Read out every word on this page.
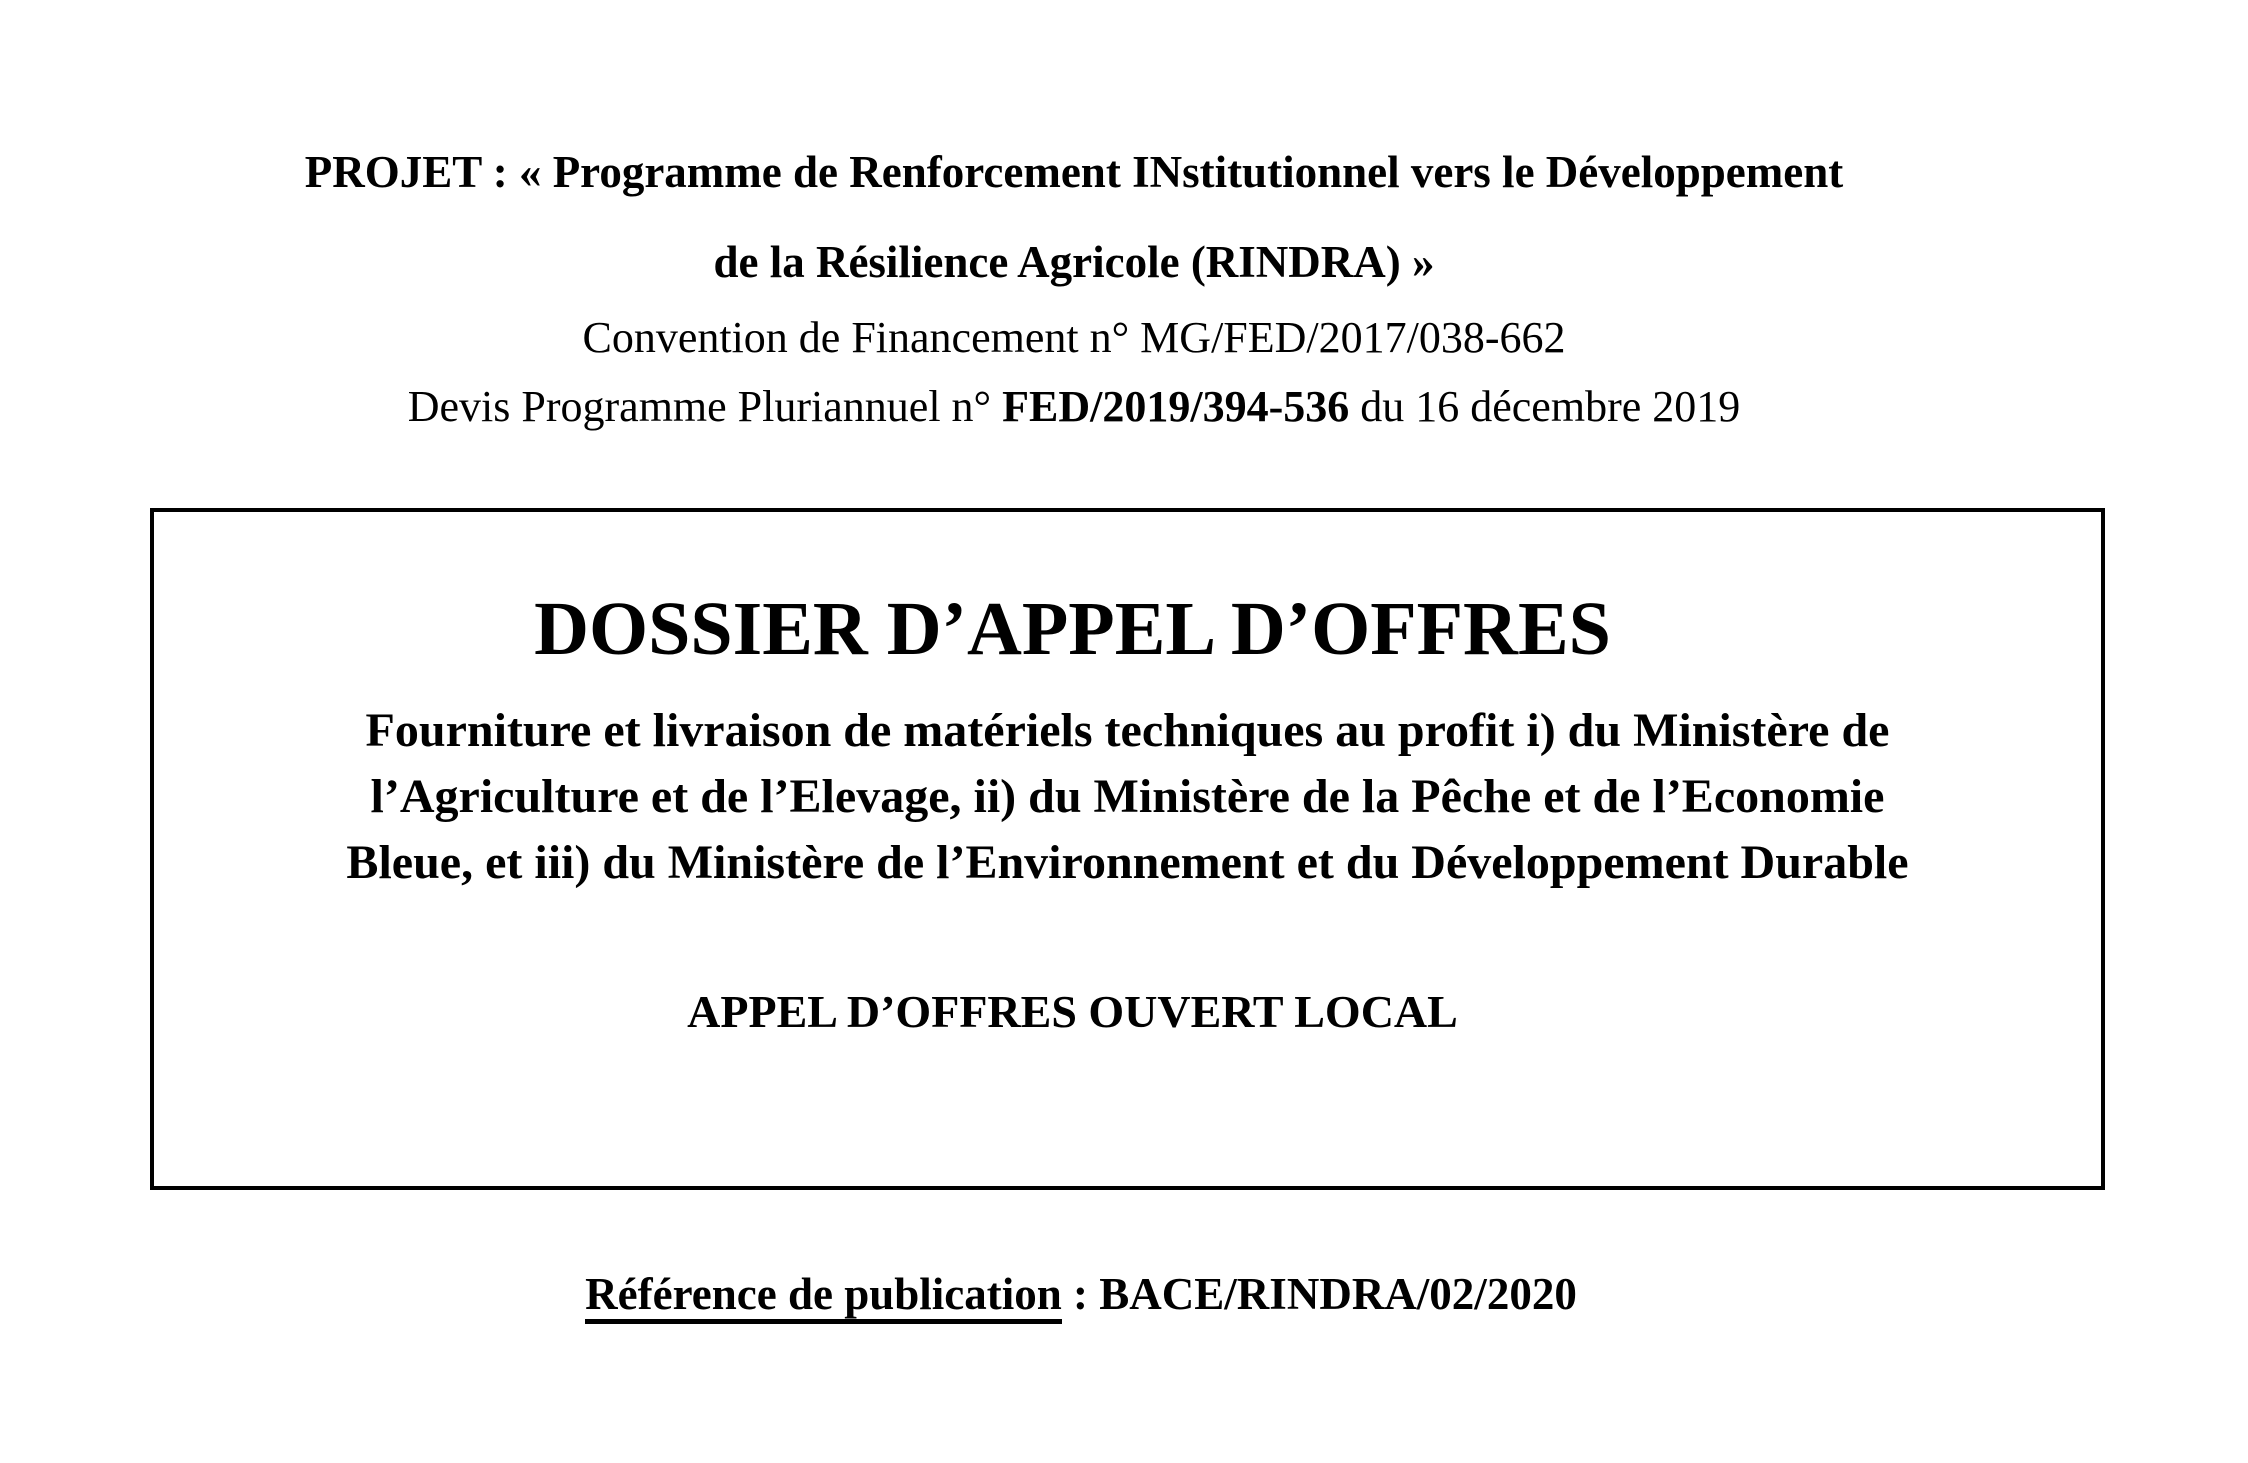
PROJET : « Programme de Renforcement INstitutionnel vers le Développement
de la Résilience Agricole (RINDRA) »
Convention de Financement n° MG/FED/2017/038-662
Devis Programme Pluriannuel n° FED/2019/394-536 du 16 décembre 2019
DOSSIER D’APPEL D’OFFRES
Fourniture et livraison de matériels techniques au profit i) du Ministère de
l’Agriculture et de l’Elevage, ii) du Ministère de la Pêche et de l’Economie
Bleue, et iii) du Ministère de l’Environnement et du Développement Durable
APPEL D’OFFRES OUVERT LOCAL
Référence de publication : BACE/RINDRA/02/2020
